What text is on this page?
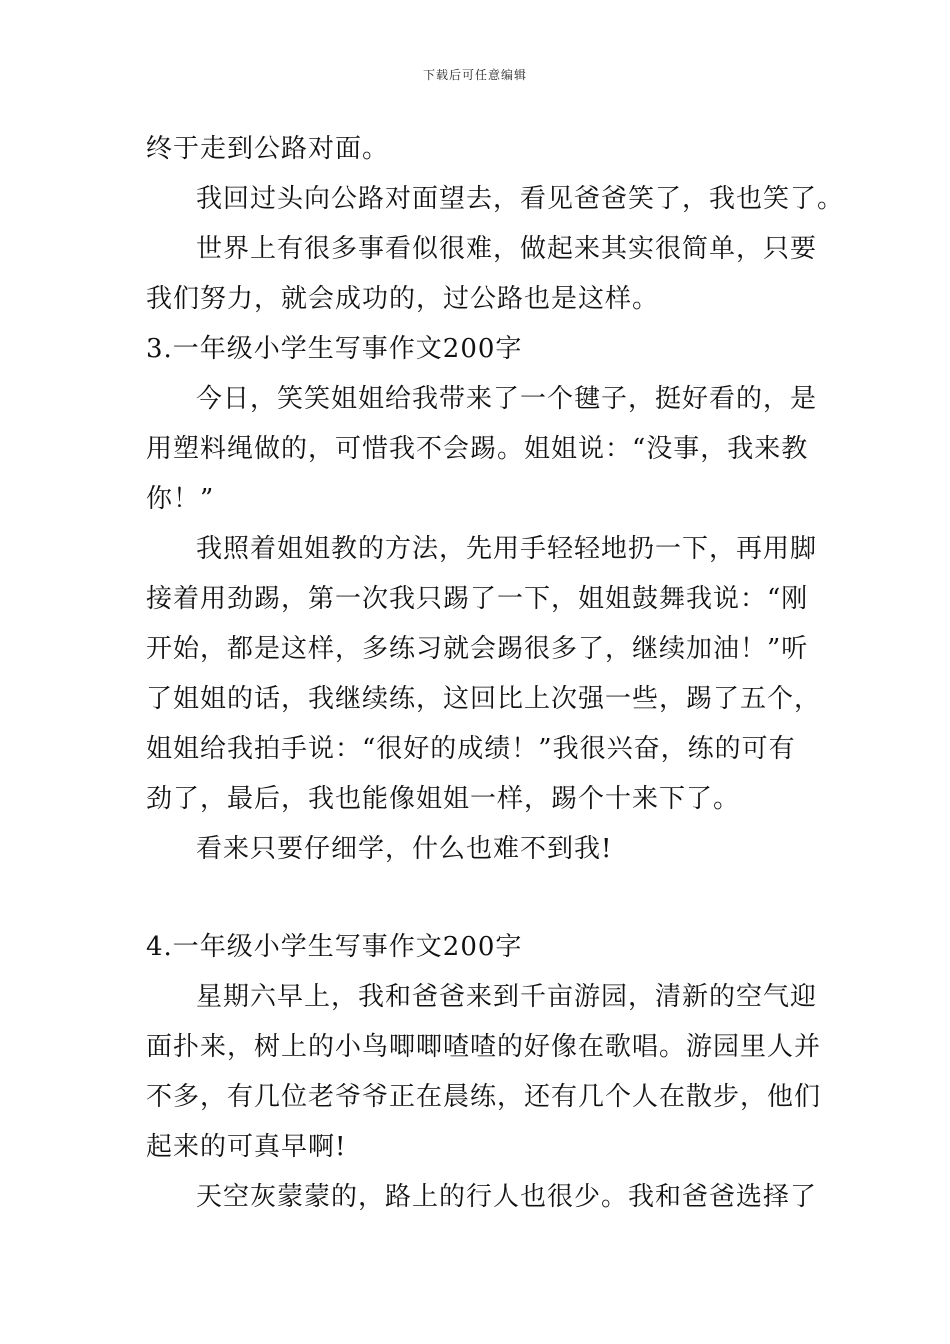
下载后可任意编辑
终于走到公路对面。
我回过头向公路对面望去，看见爸爸笑了，我也笑了。
世界上有很多事看似很难，做起来其实很简单，只要
我们努力，就会成功的，过公路也是这样。
3.一年级小学生写事作文200字
今日，笑笑姐姐给我带来了一个毽子，挺好看的，是
用塑料绳做的，可惜我不会踢。姐姐说：“没事，我来教
你！”
我照着姐姐教的方法，先用手轻轻地扔一下，再用脚
接着用劲踢，第一次我只踢了一下，姐姐鼓舞我说：“刚
开始，都是这样，多练习就会踢很多了，继续加油！”听
了姐姐的话，我继续练，这回比上次强一些，踢了五个，
姐姐给我拍手说：“很好的成绩！”我很兴奋，练的可有
劲了，最后，我也能像姐姐一样，踢个十来下了。
看来只要仔细学，什么也难不到我!
4.一年级小学生写事作文200字
星期六早上，我和爸爸来到千亩游园，清新的空气迎
面扑来，树上的小鸟唧唧喳喳的好像在歌唱。游园里人并
不多，有几位老爷爷正在晨练，还有几个人在散步，他们
起来的可真早啊!
天空灰蒙蒙的，路上的行人也很少。我和爸爸选择了
